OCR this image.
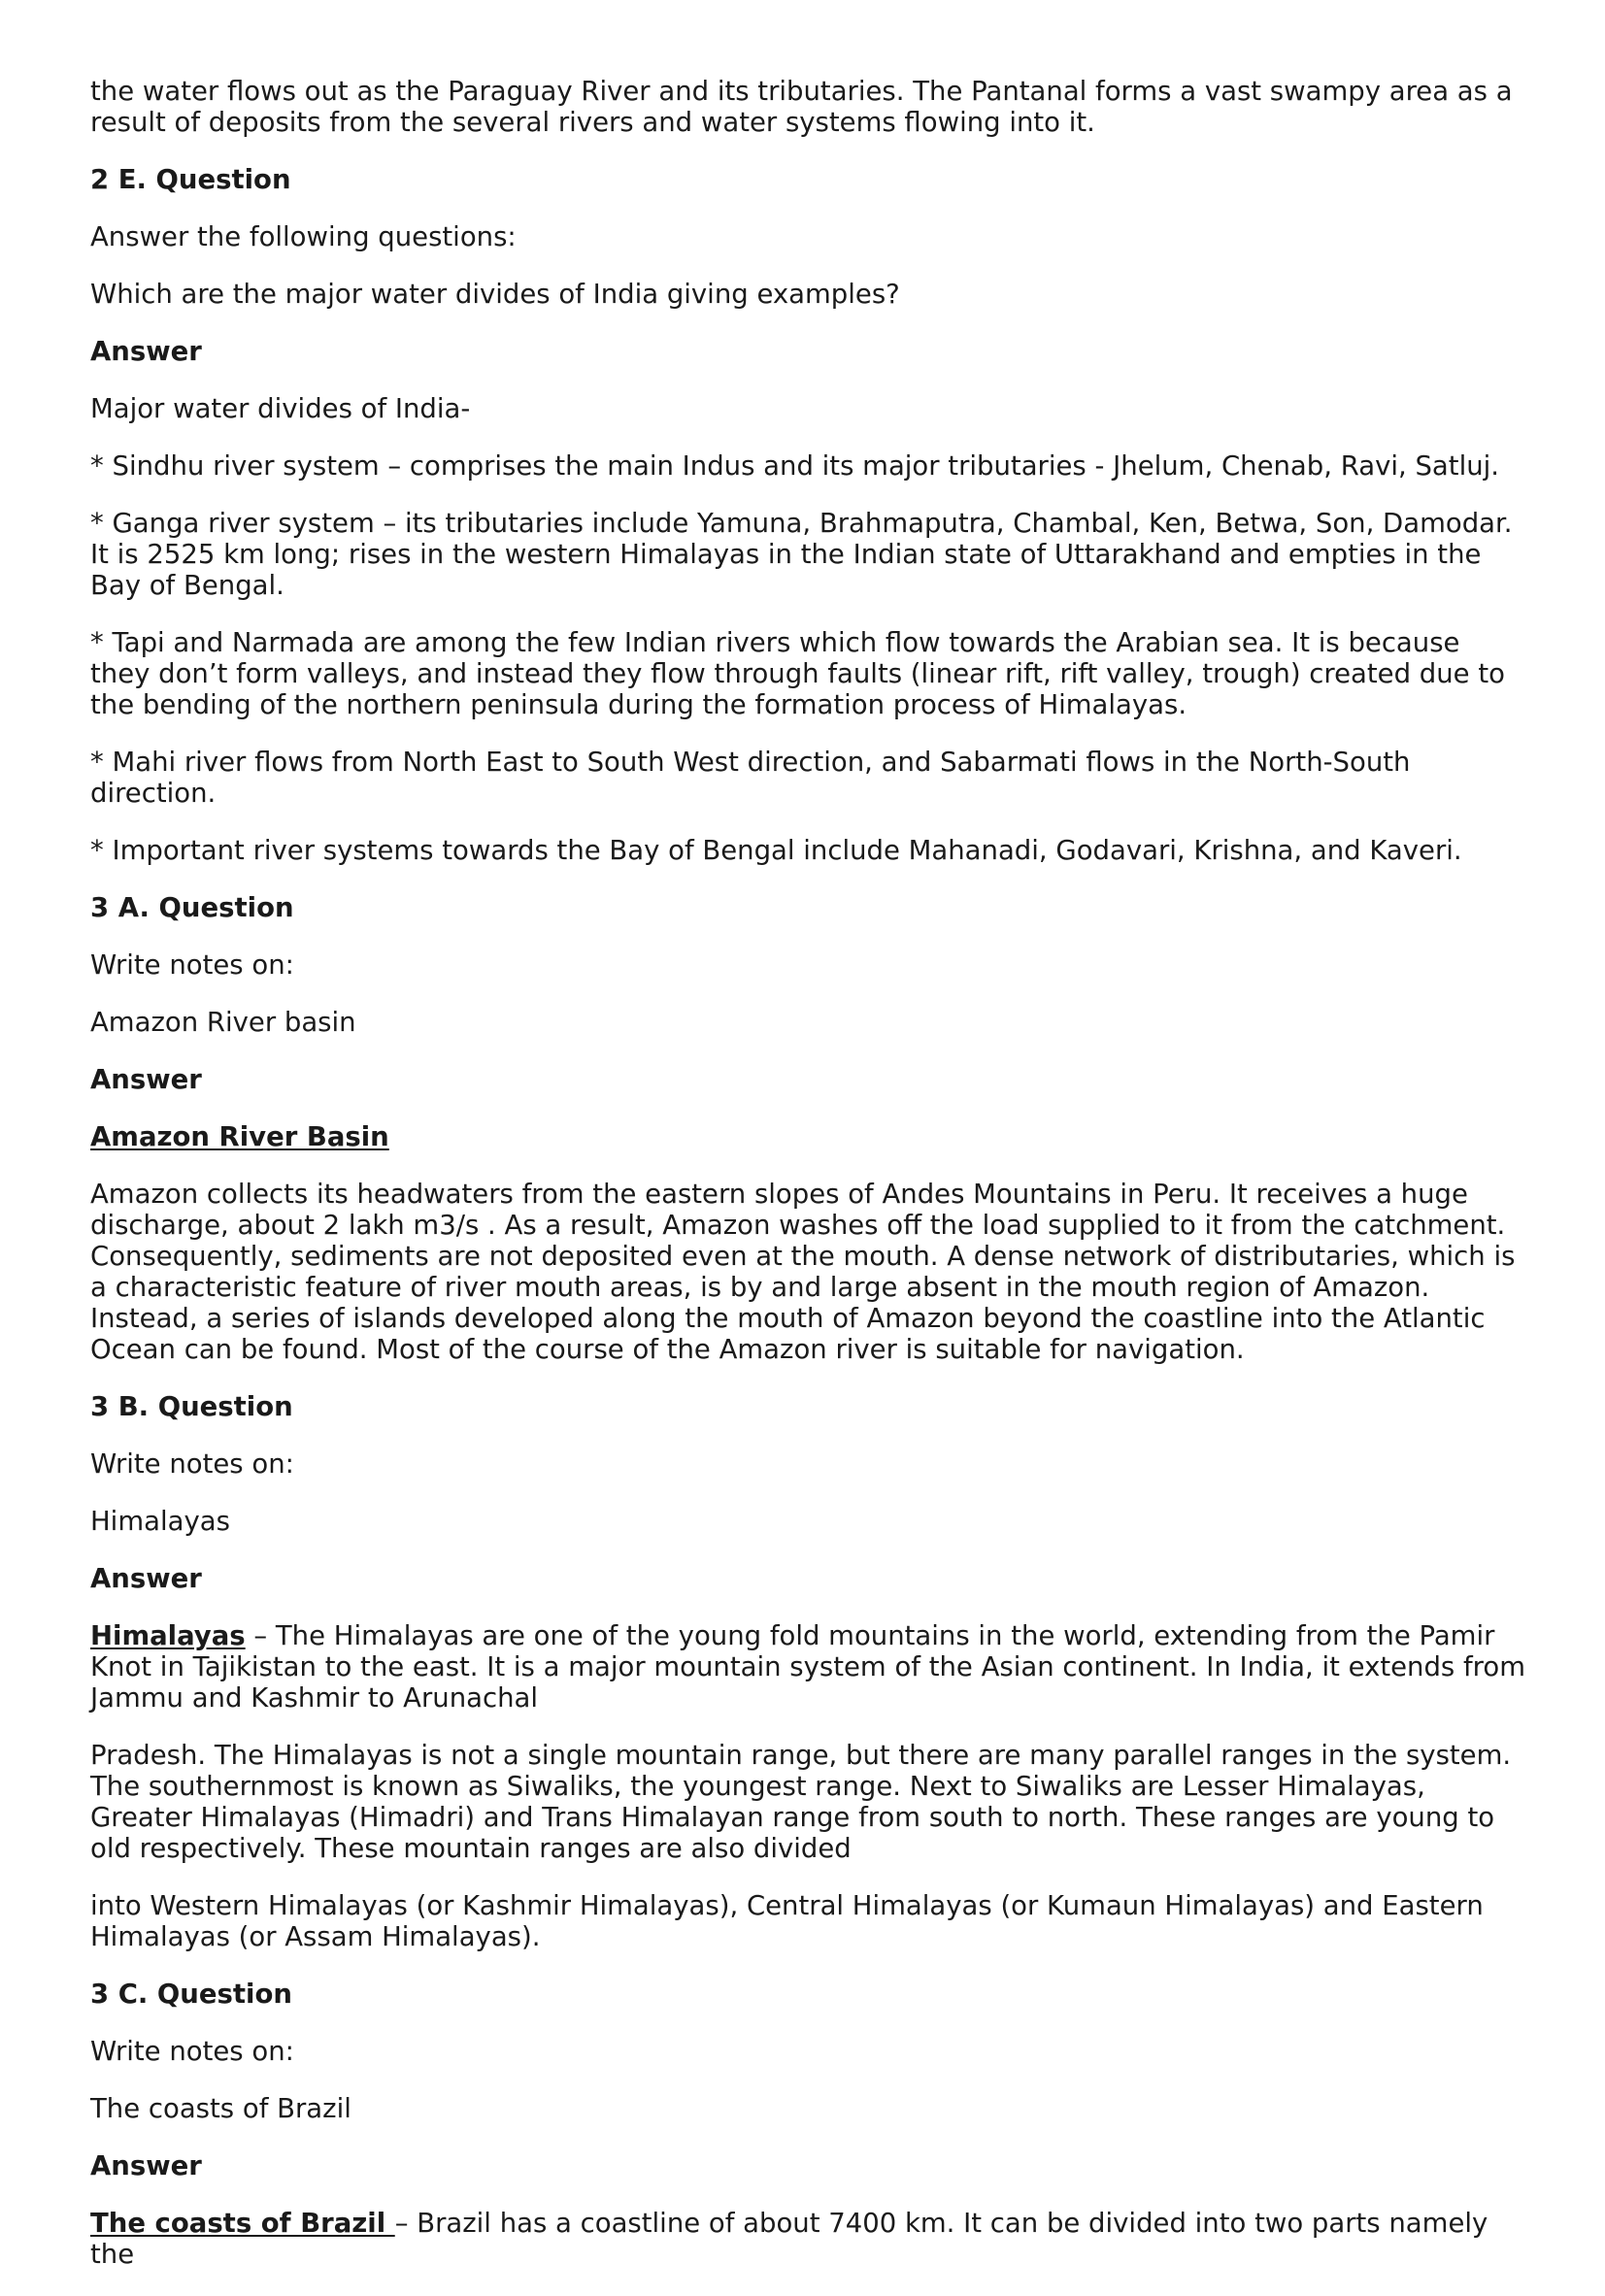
the water flows out as the Paraguay River and its tributaries. The Pantanal forms a vast swampy area as a result of deposits from the several rivers and water systems flowing into it.

2 E. Question

Answer the following questions:

Which are the major water divides of India giving examples?

Answer

Major water divides of India-

* Sindhu river system – comprises the main Indus and its major tributaries - Jhelum, Chenab, Ravi, Satluj.

* Ganga river system – its tributaries include Yamuna, Brahmaputra, Chambal, Ken, Betwa, Son, Damodar. It is 2525 km long; rises in the western Himalayas in the Indian state of Uttarakhand and empties in the Bay of Bengal.

* Tapi and Narmada are among the few Indian rivers which flow towards the Arabian sea. It is because they don’t form valleys, and instead they flow through faults (linear rift, rift valley, trough) created due to the bending of the northern peninsula during the formation process of Himalayas.

* Mahi river flows from North East to South West direction, and Sabarmati flows in the North-South direction.

* Important river systems towards the Bay of Bengal include Mahanadi, Godavari, Krishna, and Kaveri.

3 A. Question

Write notes on:

Amazon River basin

Answer

Amazon River Basin

Amazon collects its headwaters from the eastern slopes of Andes Mountains in Peru. It receives a huge discharge, about 2 lakh m3/s . As a result, Amazon washes off the load supplied to it from the catchment. Consequently, sediments are not deposited even at the mouth. A dense network of distributaries, which is a characteristic feature of river mouth areas, is by and large absent in the mouth region of Amazon. Instead, a series of islands developed along the mouth of Amazon beyond the coastline into the Atlantic Ocean can be found. Most of the course of the Amazon river is suitable for navigation.

3 B. Question

Write notes on:

Himalayas

Answer

Himalayas – The Himalayas are one of the young fold mountains in the world, extending from the Pamir Knot in Tajikistan to the east. It is a major mountain system of the Asian continent. In India, it extends from Jammu and Kashmir to Arunachal

Pradesh. The Himalayas is not a single mountain range, but there are many parallel ranges in the system. The southernmost is known as Siwaliks, the youngest range. Next to Siwaliks are Lesser Himalayas, Greater Himalayas (Himadri) and Trans Himalayan range from south to north. These ranges are young to old respectively. These mountain ranges are also divided

into Western Himalayas (or Kashmir Himalayas), Central Himalayas (or Kumaun Himalayas) and Eastern Himalayas (or Assam Himalayas).

3 C. Question

Write notes on:

The coasts of Brazil

Answer

The coasts of Brazil – Brazil has a coastline of about 7400 km. It can be divided into two parts namely the
